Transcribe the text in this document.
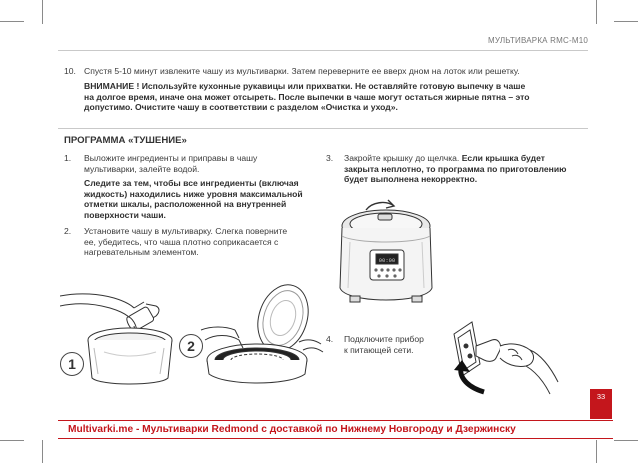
МУЛЬТИВАРКА RMC-M10
10. Спустя 5-10 минут извлеките чашу из мультиварки. Затем переверните ее вверх дном на лоток или решетку.
ВНИМАНИЕ ! Используйте кухонные рукавицы или прихватки. Не оставляйте готовую выпечку в чаше
на долгое время, иначе она может отсыреть. После выпечки в чаше могут остаться жирные пятна – это
допустимо. Очистите чашу в соответствии с разделом «Очистка и уход».
ПРОГРАММА «ТУШЕНИЕ»
1. Выложите ингредиенты и приправы в чашу
мультиварки, залейте водой.
Следите за тем, чтобы все ингредиенты (включая
жидкость) находились ниже уровня максимальной
отметки шкалы, расположенной на внутренней
поверхности чаши.
2. Установите чашу в мультиварку. Слегка поверните
ее, убедитесь, что чаша плотно соприкасается с
нагревательным элементом.
3. Закройте крышку до щелчка. Если крышка будет
закрыта неплотно, то программа по приготовлению
будет выполнена некорректно.
4. Подключите прибор
к питающей сети.
1
2
00:00
33
Multivarki.me - Мультиварки Redmond с доставкой по Нижнему Новгороду и Дзержинску
